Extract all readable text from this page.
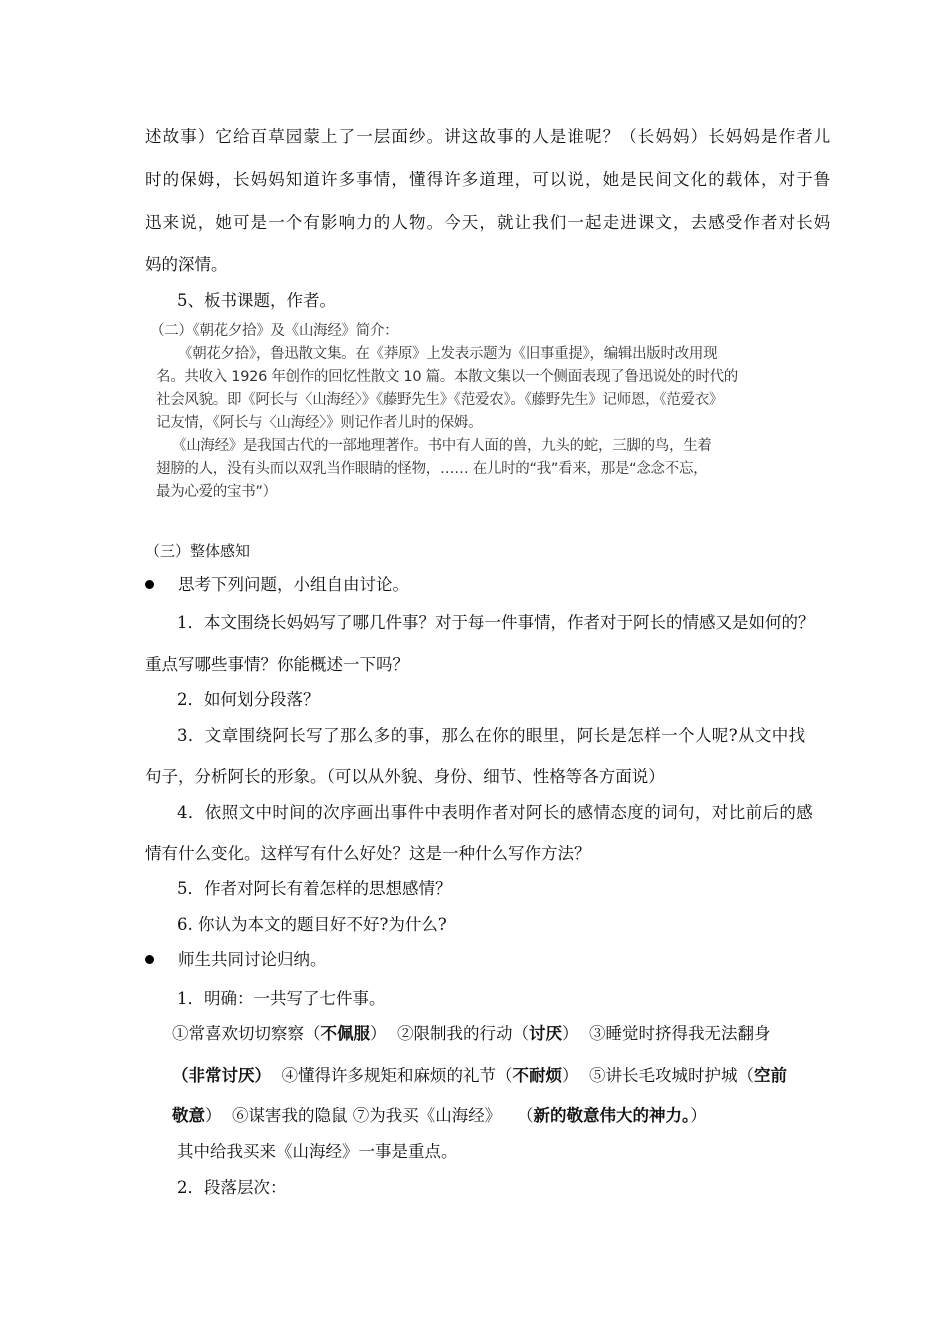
述故事）它给百草园蒙上了一层面纱。讲这故事的人是谁呢？（长妈妈）长妈妈是作者儿
时的保姆，长妈妈知道许多事情，懂得许多道理，可以说，她是民间文化的载体，对于鲁
迅来说，她可是一个有影响力的人物。今天，就让我们一起走进课文，去感受作者对长妈
妈的深情。
5、板书课题，作者。
（二）《朝花夕拾》及《山海经》简介：
《朝花夕拾》，鲁迅散文集。在《莽原》上发表示题为《旧事重提》，编辑出版时改用现
名。共收入 1926 年创作的回忆性散文 10 篇。本散文集以一个侧面表现了鲁迅说处的时代的
社会风貌。即《阿长与〈山海经〉》《藤野先生》《范爱农》。《藤野先生》记师恩，《范爱衣》
记友情，《阿长与〈山海经〉》则记作者儿时的保姆。
《山海经》是我国古代的一部地理著作。书中有人面的兽，九头的蛇，三脚的鸟，生着
翅膀的人，没有头而以双乳当作眼睛的怪物，…… 在儿时的“我”看来，那是“念念不忘，
最为心爱的宝书”）
（三）整体感知
思考下列问题，小组自由讨论。
1．本文围绕长妈妈写了哪几件事？对于每一件事情，作者对于阿长的情感又是如何的？
重点写哪些事情？你能概述一下吗？
2．如何划分段落？
3．文章围绕阿长写了那么多的事，那么在你的眼里，阿长是怎样一个人呢?从文中找
句子，分析阿长的形象。（可以从外貌、身份、细节、性格等各方面说）
4．依照文中时间的次序画出事件中表明作者对阿长的感情态度的词句，对比前后的感
情有什么变化。这样写有什么好处？这是一种什么写作方法？
5．作者对阿长有着怎样的思想感情？
6. 你认为本文的题目好不好?为什么?
师生共同讨论归纳。
1．明确：一共写了七件事。
①常喜欢切切察察（不佩服） ②限制我的行动（讨厌） ③睡觉时挤得我无法翻身
（非常讨厌） ④懂得许多规矩和麻烦的礼节（不耐烦） ⑤讲长毛攻城时护城（空前
敬意） ⑥谋害我的隐鼠 ⑦为我买《山海经》 （新的敬意伟大的神力。）
其中给我买来《山海经》一事是重点。
2．段落层次：
